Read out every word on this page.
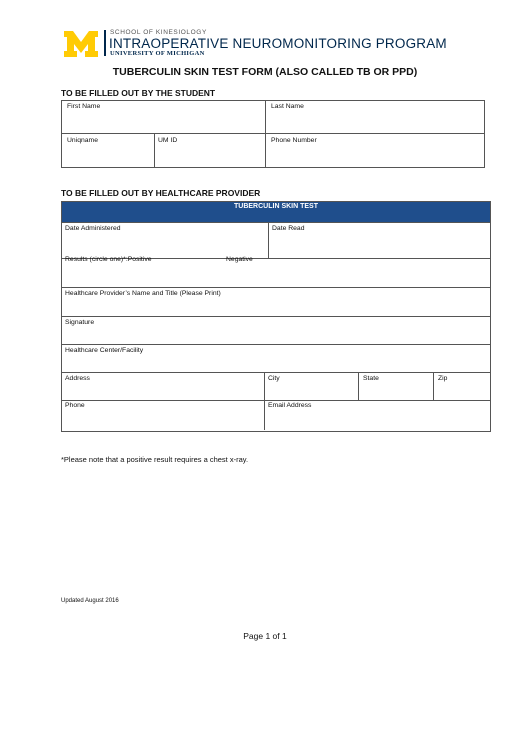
SCHOOL OF KINESIOLOGY
INTRAOPERATIVE NEUROMONITORING PROGRAM
UNIVERSITY OF MICHIGAN
TUBERCULIN SKIN TEST FORM (ALSO CALLED TB OR PPD)
TO BE FILLED OUT BY THE STUDENT
First Name	Last Name
Uniqname	UM ID	Phone Number
TO BE FILLED OUT BY HEALTHCARE PROVIDER
TUBERCULIN SKIN TEST
Date Administered	Date Read
Results (circle one)*:Positive	Negative
Healthcare Provider’s Name and Title (Please Print)
Signature
Healthcare Center/Facility
Address	City	State	Zip
Phone	Email Address
*Please note that a positive result requires a chest x-ray.
Updated August 2016
Page 1 of 1
